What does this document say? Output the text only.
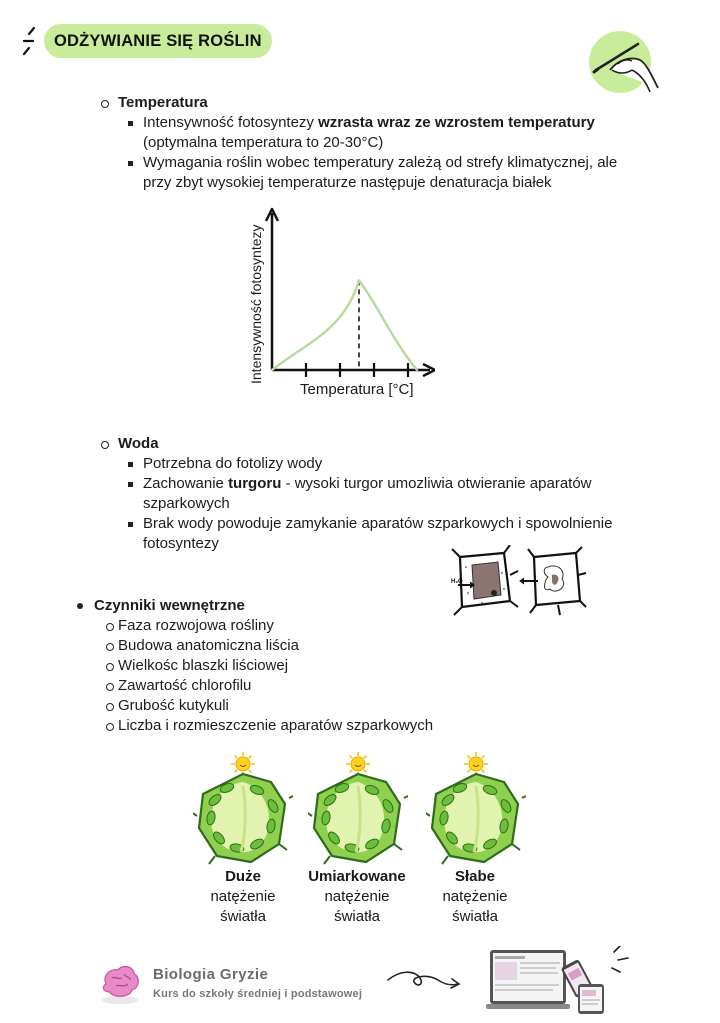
ODŻYWIANIE SIĘ ROŚLIN
Temperatura
Intensywność fotosyntezy wzrasta wraz ze wzrostem temperatury
(optymalna temperatura to 20-30°C)
Wymagania roślin wobec temperatury zależą od strefy klimatycznej, ale
przy zbyt wysokiej temperaturze następuje denaturacja białek
Intensywność fotosyntezy
Temperatura [°C]
Woda
Potrzebna do fotolizy wody
Zachowanie turgoru - wysoki turgor umozliwia otwieranie aparatów
szparkowych
Brak wody powoduje zamykanie aparatów szparkowych i spowolnienie
fotosyntezy
H₂O
Czynniki wewnętrzne
Faza rozwojowa rośliny
Budowa anatomiczna liścia
Wielkośc blaszki liściowej
Zawartość chlorofilu
Grubość kutykuli
Liczba i rozmieszczenie aparatów szparkowych
Duże
natężenie
światła
Umiarkowane
natężenie
światła
Słabe
natężenie
światła
Biologia Gryzie
Kurs do szkoły średniej i podstawowej
